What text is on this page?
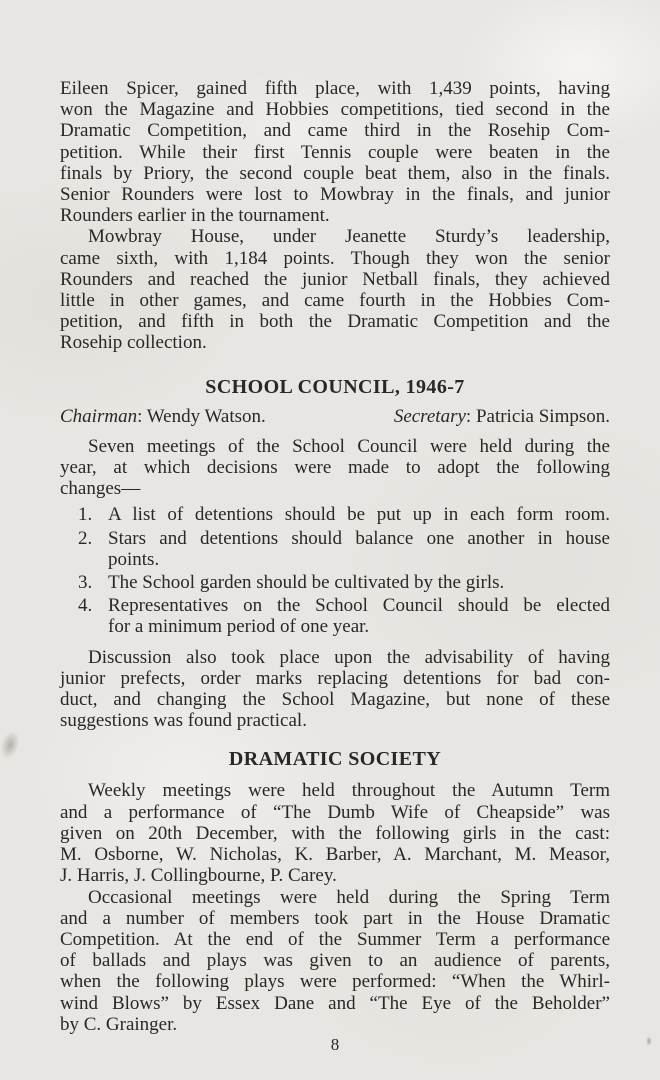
Eileen Spicer, gained fifth place, with 1,439 points, having
won the Magazine and Hobbies competitions, tied second in the
Dramatic Competition, and came third in the Rosehip Com-
petition. While their first Tennis couple were beaten in the
finals by Priory, the second couple beat them, also in the finals.
Senior Rounders were lost to Mowbray in the finals, and junior
Rounders earlier in the tournament.
Mowbray House, under Jeanette Sturdy’s leadership,
came sixth, with 1,184 points. Though they won the senior
Rounders and reached the junior Netball finals, they achieved
little in other games, and came fourth in the Hobbies Com-
petition, and fifth in both the Dramatic Competition and the
Rosehip collection.
SCHOOL COUNCIL, 1946-7
Chairman: Wendy Watson.	Secretary: Patricia Simpson.
Seven meetings of the School Council were held during the
year, at which decisions were made to adopt the following
changes—
1. A list of detentions should be put up in each form room.
2. Stars and detentions should balance one another in house
points.
3. The School garden should be cultivated by the girls.
4. Representatives on the School Council should be elected
for a minimum period of one year.
Discussion also took place upon the advisability of having
junior prefects, order marks replacing detentions for bad con-
duct, and changing the School Magazine, but none of these
suggestions was found practical.
DRAMATIC SOCIETY
Weekly meetings were held throughout the Autumn Term
and a performance of “The Dumb Wife of Cheapside” was
given on 20th December, with the following girls in the cast:
M. Osborne, W. Nicholas, K. Barber, A. Marchant, M. Measor,
J. Harris, J. Collingbourne, P. Carey.
Occasional meetings were held during the Spring Term
and a number of members took part in the House Dramatic
Competition. At the end of the Summer Term a performance
of ballads and plays was given to an audience of parents,
when the following plays were performed: “When the Whirl-
wind Blows” by Essex Dane and “The Eye of the Beholder”
by C. Grainger.
8
